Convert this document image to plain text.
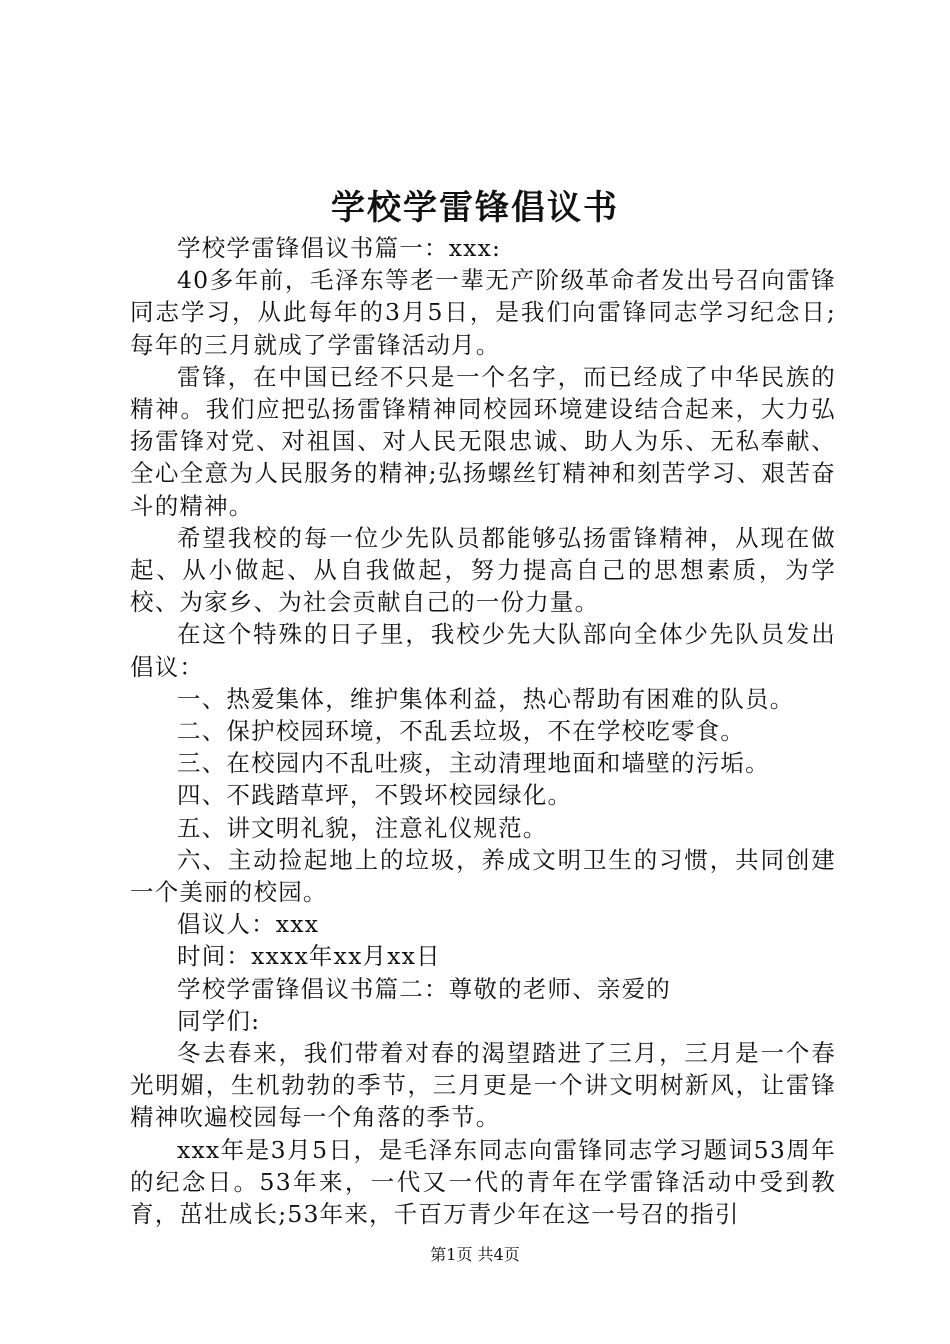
学校学雷锋倡议书

学校学雷锋倡议书篇一：xxx:

40多年前，毛泽东等老一辈无产阶级革命者发出号召向雷锋同志学习，从此每年的3月5日，是我们向雷锋同志学习纪念日;每年的三月就成了学雷锋活动月。

雷锋，在中国已经不只是一个名字，而已经成了中华民族的精神。我们应把弘扬雷锋精神同校园环境建设结合起来，大力弘扬雷锋对党、对祖国、对人民无限忠诚、助人为乐、无私奉献、全心全意为人民服务的精神;弘扬螺丝钉精神和刻苦学习、艰苦奋斗的精神。

希望我校的每一位少先队员都能够弘扬雷锋精神，从现在做起、从小做起、从自我做起，努力提高自己的思想素质，为学校、为家乡、为社会贡献自己的一份力量。

在这个特殊的日子里，我校少先大队部向全体少先队员发出倡议：

一、热爱集体，维护集体利益，热心帮助有困难的队员。

二、保护校园环境，不乱丢垃圾，不在学校吃零食。

三、在校园内不乱吐痰，主动清理地面和墙壁的污垢。

四、不践踏草坪，不毁坏校园绿化。

五、讲文明礼貌，注意礼仪规范。

六、主动捡起地上的垃圾，养成文明卫生的习惯，共同创建一个美丽的校园。

倡议人：xxx

时间：xxxx年xx月xx日

学校学雷锋倡议书篇二：尊敬的老师、亲爱的

同学们:

冬去春来，我们带着对春的渴望踏进了三月，三月是一个春光明媚，生机勃勃的季节，三月更是一个讲文明树新风，让雷锋精神吹遍校园每一个角落的季节。

xxx年是3月5日，是毛泽东同志向雷锋同志学习题词53周年的纪念日。53年来，一代又一代的青年在学雷锋活动中受到教育，茁壮成长;53年来，千百万青少年在这一号召的指引

第1页 共4页
